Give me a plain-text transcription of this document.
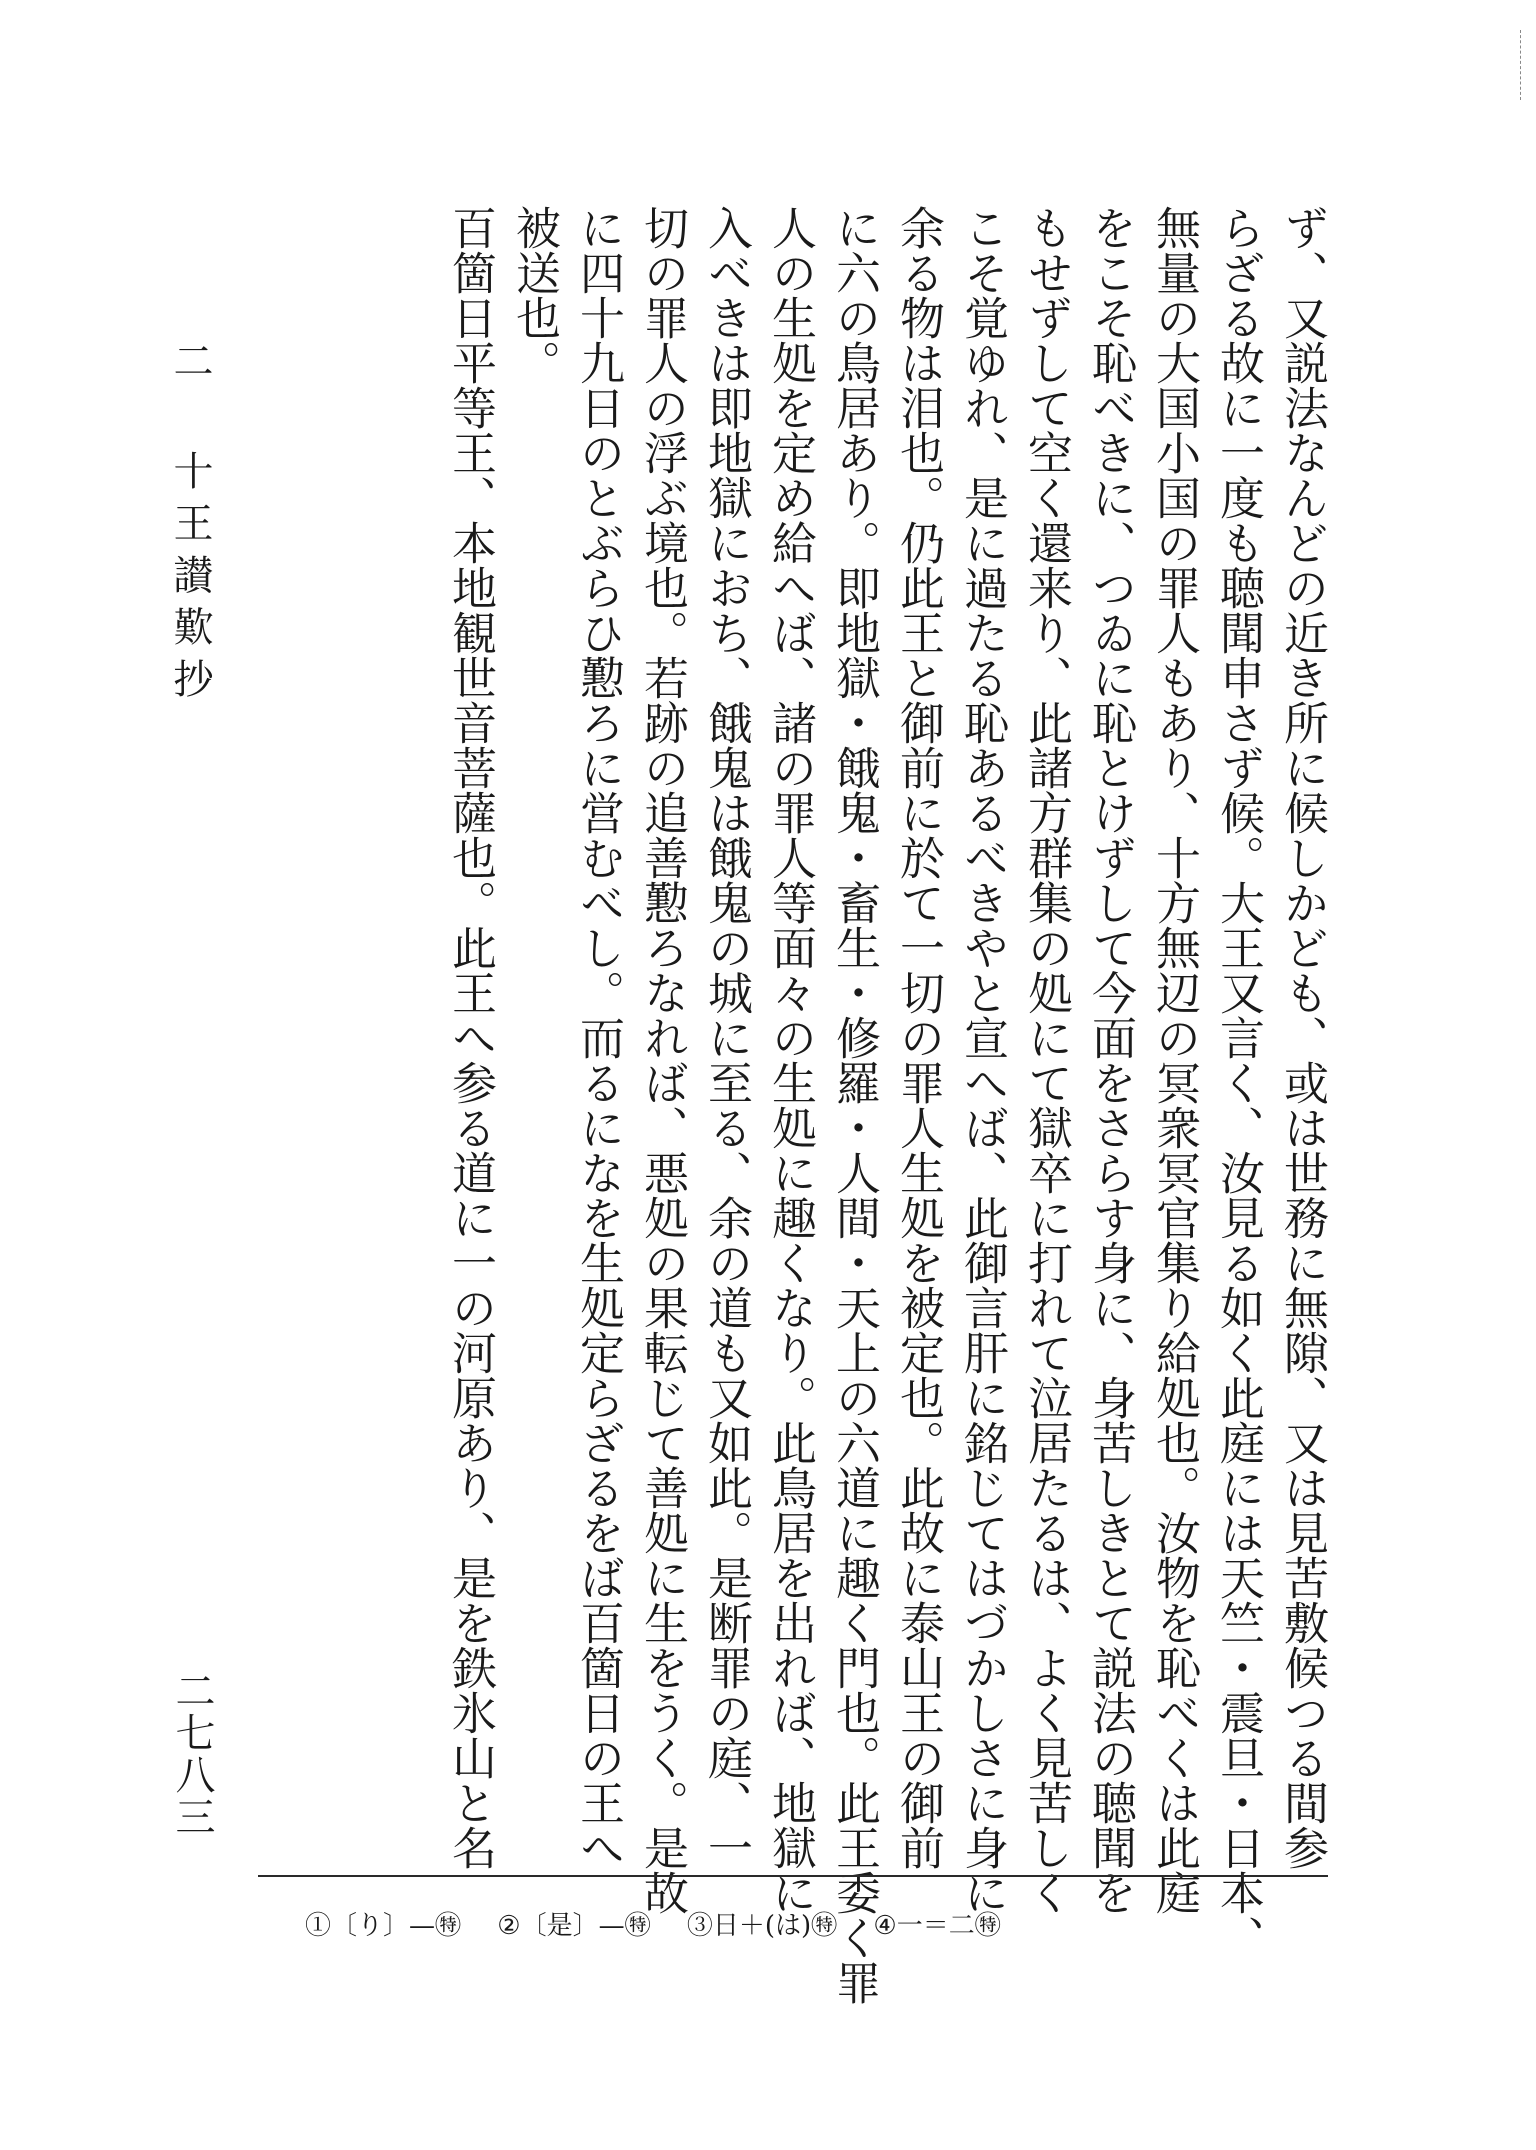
ず、又説法なんどの近き所に候しかども、或は世務に無隙、又は見苦敷候つる間参
らざる故に一度も聴聞申さず候。大王又言く、汝見る如く此庭には天竺・震旦・日本、
無量の大国小国の罪人もあり、十方無辺の冥衆冥官集り給処也。汝物を恥べくは此庭
をこそ恥べきに、つゐに恥とけずして今面をさらす身に、身苦しきとて説法の聴聞を
もせずして空く還来り、此諸方群集の処にて獄卒に打れて泣居たるは、よく見苦しく
こそ覚ゆれ、是に過たる恥あるべきやと宣へば、此御言肝に銘じてはづかしさに身に
余る物は泪也。仍此王と御前に於て一切の罪人生処を被定也。此故に泰山王の御前
に六の鳥居あり。即地獄・餓鬼・畜生・修羅・人間・天上の六道に趣く門也。此王委く罪
人の生処を定め給へば、諸の罪人等面々の生処に趣くなり。此鳥居を出れば、地獄に
入べきは即地獄におち、餓鬼は餓鬼の城に至る、余の道も又如此。是断罪の庭、一
切の罪人の浮ぶ境也。若跡の追善懃ろなれば、悪処の果転じて善処に生をうく。是故
に四十九日のとぶらひ懃ろに営むべし。而るになを生処定らざるをば百箇日の王へ
被送也。
百箇日平等王、本地観世音菩薩也。此王へ参る道に一の河原あり、是を鉄氷山と名
二 十王讃歎抄
二七八三
①〔り〕—㊕ ②〔是〕—㊕ ③日＋(は)㊕ ④一＝二㊕
